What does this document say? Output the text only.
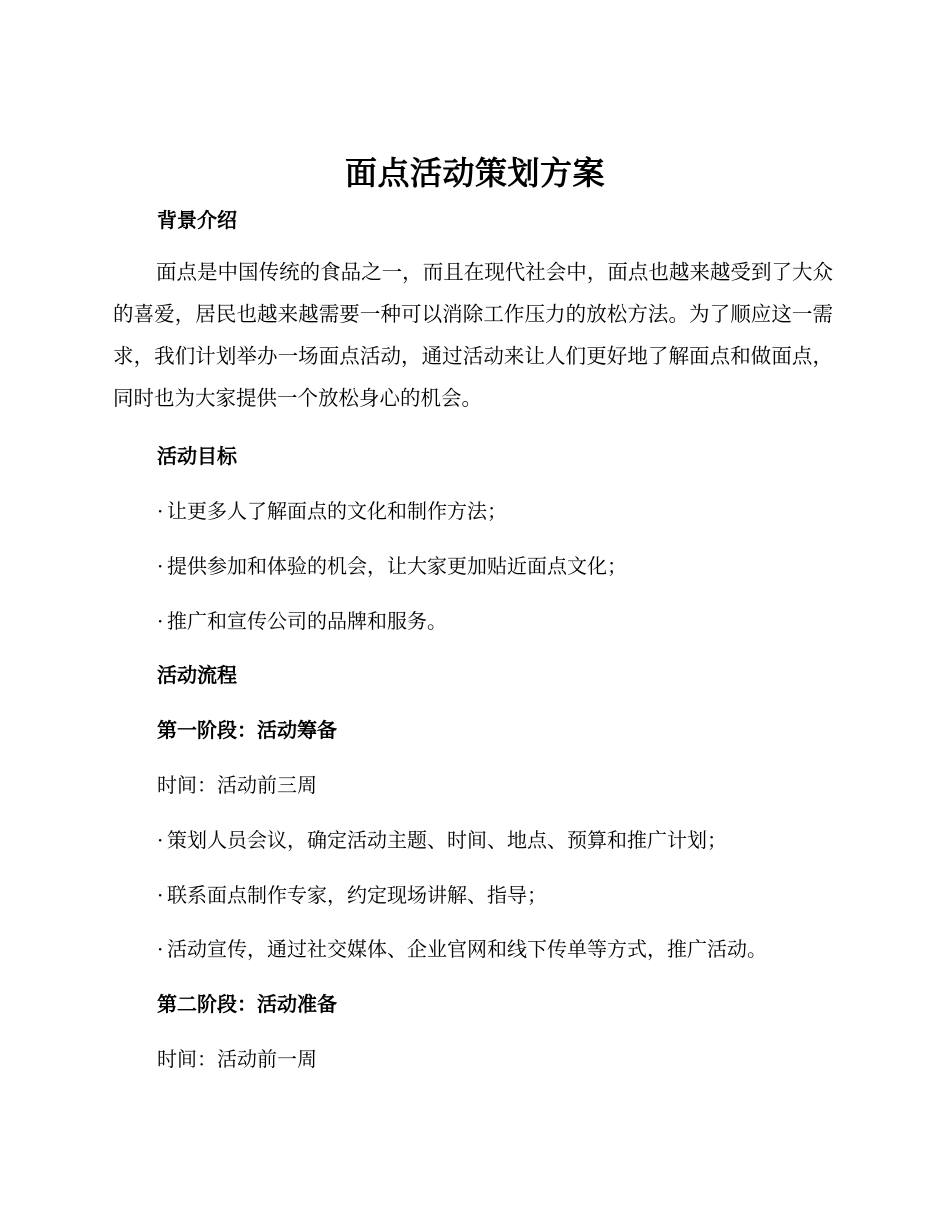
面点活动策划方案
背景介绍
面点是中国传统的食品之一，而且在现代社会中，面点也越来越受到了大众的喜爱，居民也越来越需要一种可以消除工作压力的放松方法。为了顺应这一需求，我们计划举办一场面点活动，通过活动来让人们更好地了解面点和做面点，同时也为大家提供一个放松身心的机会。
活动目标
· 让更多人了解面点的文化和制作方法；
· 提供参加和体验的机会，让大家更加贴近面点文化；
· 推广和宣传公司的品牌和服务。
活动流程
第一阶段：活动筹备
时间：活动前三周
· 策划人员会议，确定活动主题、时间、地点、预算和推广计划；
· 联系面点制作专家，约定现场讲解、指导；
· 活动宣传，通过社交媒体、企业官网和线下传单等方式，推广活动。
第二阶段：活动准备
时间：活动前一周
